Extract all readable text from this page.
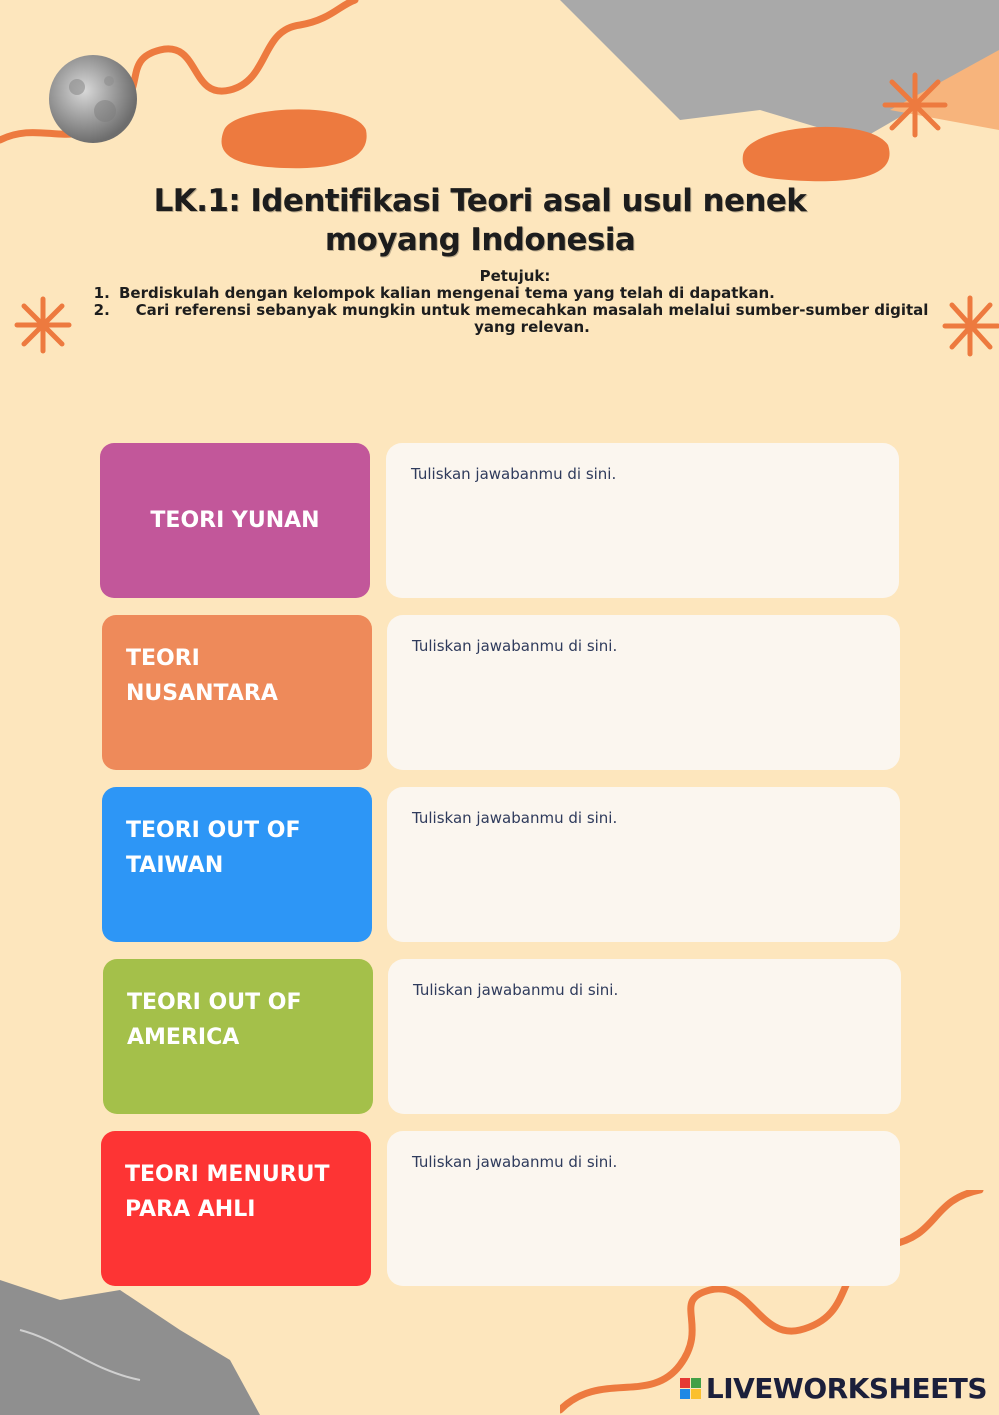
LK.1: Identifikasi Teori asal usul nenek moyang Indonesia
Petujuk:
1. Berdiskulah dengan kelompok kalian mengenai tema yang telah di dapatkan.
2. Cari referensi sebanyak mungkin untuk memecahkan masalah melalui sumber-sumber digital yang relevan.
TEORI YUNAN
Tuliskan jawabanmu di sini.
TEORI NUSANTARA
Tuliskan jawabanmu di sini.
TEORI OUT OF TAIWAN
Tuliskan jawabanmu di sini.
TEORI OUT OF AMERICA
Tuliskan jawabanmu di sini.
TEORI MENURUT PARA AHLI
Tuliskan jawabanmu di sini.
LIVEWORKSHEETS
